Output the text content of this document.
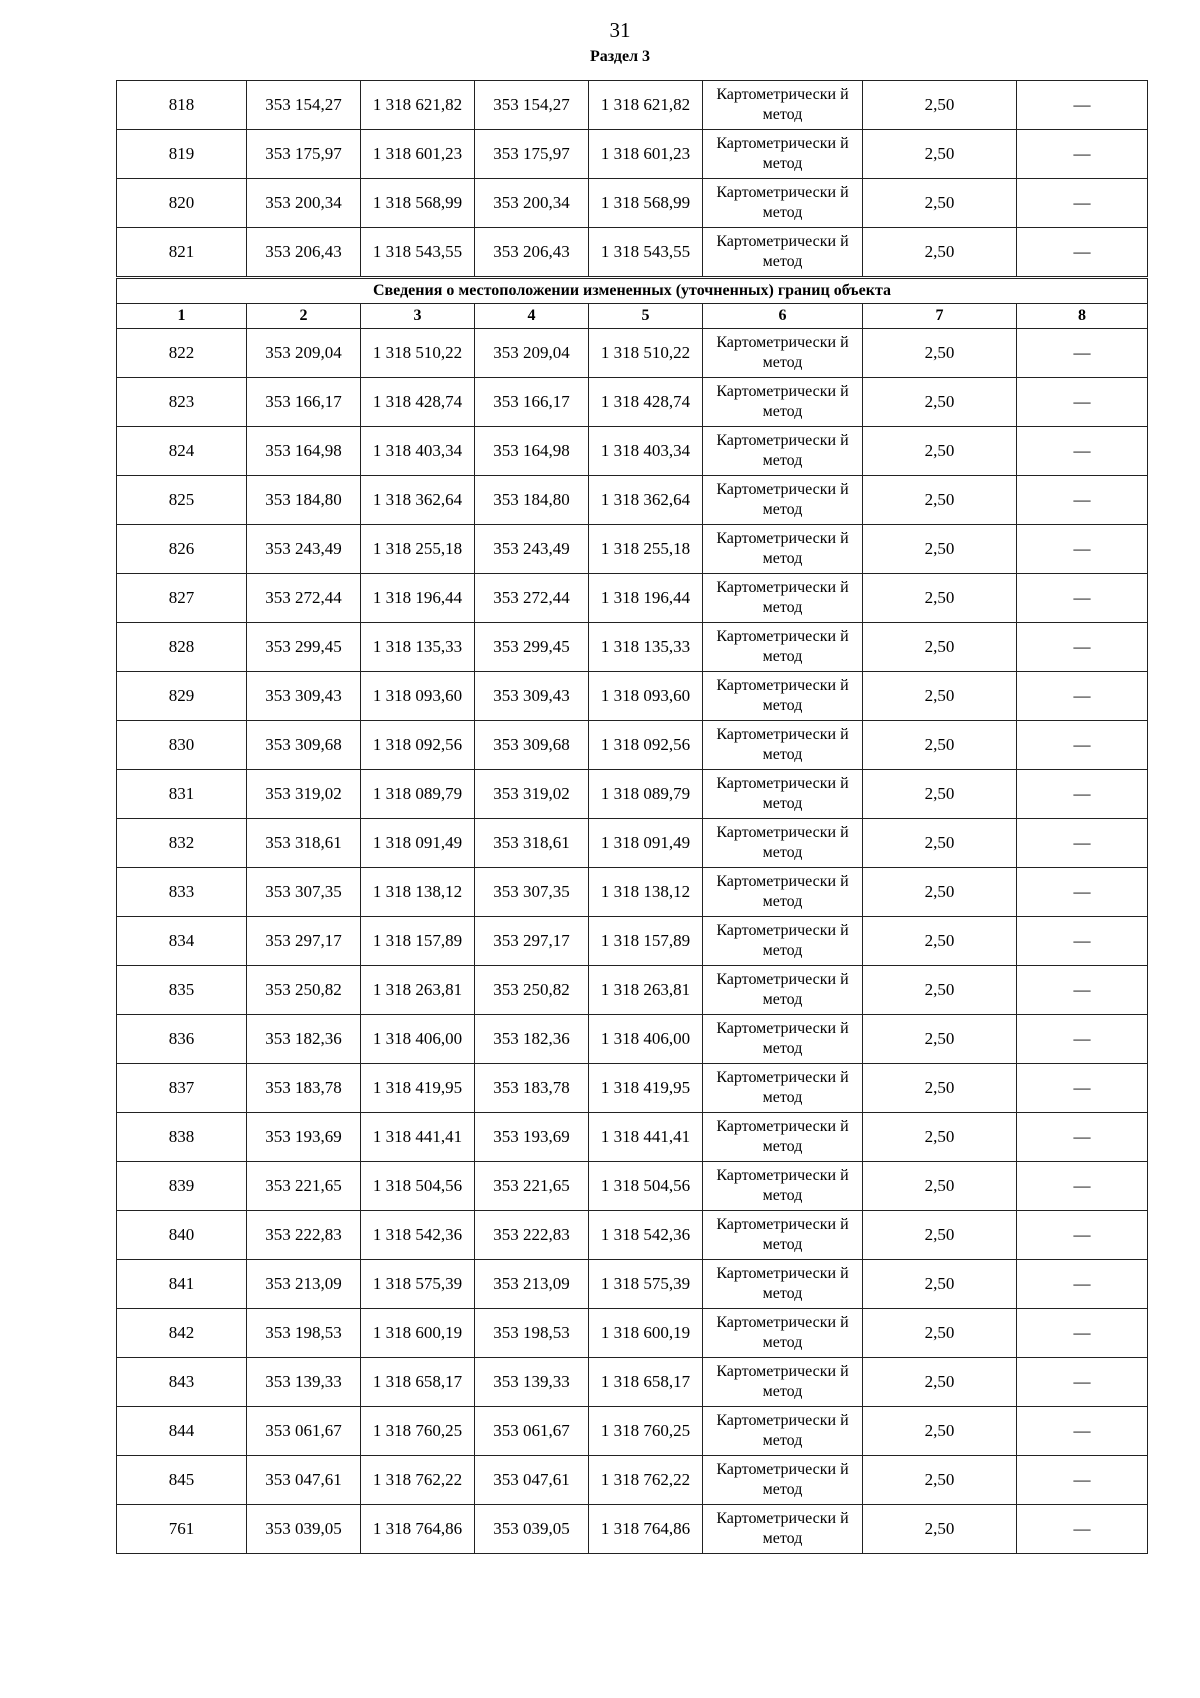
31
Раздел 3
818	353 154,27	1 318 621,82	353 154,27	1 318 621,82	Картометрически й метод	2,50	—
819	353 175,97	1 318 601,23	353 175,97	1 318 601,23	Картометрически й метод	2,50	—
820	353 200,34	1 318 568,99	353 200,34	1 318 568,99	Картометрически й метод	2,50	—
821	353 206,43	1 318 543,55	353 206,43	1 318 543,55	Картометрически й метод	2,50	—
Сведения о местоположении измененных (уточненных) границ объекта							
1	2	3	4	5	6	7	8
822	353 209,04	1 318 510,22	353 209,04	1 318 510,22	Картометрически й метод	2,50	—
823	353 166,17	1 318 428,74	353 166,17	1 318 428,74	Картометрически й метод	2,50	—
824	353 164,98	1 318 403,34	353 164,98	1 318 403,34	Картометрически й метод	2,50	—
825	353 184,80	1 318 362,64	353 184,80	1 318 362,64	Картометрически й метод	2,50	—
826	353 243,49	1 318 255,18	353 243,49	1 318 255,18	Картометрически й метод	2,50	—
827	353 272,44	1 318 196,44	353 272,44	1 318 196,44	Картометрически й метод	2,50	—
828	353 299,45	1 318 135,33	353 299,45	1 318 135,33	Картометрически й метод	2,50	—
829	353 309,43	1 318 093,60	353 309,43	1 318 093,60	Картометрически й метод	2,50	—
830	353 309,68	1 318 092,56	353 309,68	1 318 092,56	Картометрически й метод	2,50	—
831	353 319,02	1 318 089,79	353 319,02	1 318 089,79	Картометрически й метод	2,50	—
832	353 318,61	1 318 091,49	353 318,61	1 318 091,49	Картометрически й метод	2,50	—
833	353 307,35	1 318 138,12	353 307,35	1 318 138,12	Картометрически й метод	2,50	—
834	353 297,17	1 318 157,89	353 297,17	1 318 157,89	Картометрически й метод	2,50	—
835	353 250,82	1 318 263,81	353 250,82	1 318 263,81	Картометрически й метод	2,50	—
836	353 182,36	1 318 406,00	353 182,36	1 318 406,00	Картометрически й метод	2,50	—
837	353 183,78	1 318 419,95	353 183,78	1 318 419,95	Картометрически й метод	2,50	—
838	353 193,69	1 318 441,41	353 193,69	1 318 441,41	Картометрически й метод	2,50	—
839	353 221,65	1 318 504,56	353 221,65	1 318 504,56	Картометрически й метод	2,50	—
840	353 222,83	1 318 542,36	353 222,83	1 318 542,36	Картометрически й метод	2,50	—
841	353 213,09	1 318 575,39	353 213,09	1 318 575,39	Картометрически й метод	2,50	—
842	353 198,53	1 318 600,19	353 198,53	1 318 600,19	Картометрически й метод	2,50	—
843	353 139,33	1 318 658,17	353 139,33	1 318 658,17	Картометрически й метод	2,50	—
844	353 061,67	1 318 760,25	353 061,67	1 318 760,25	Картометрически й метод	2,50	—
845	353 047,61	1 318 762,22	353 047,61	1 318 762,22	Картометрически й метод	2,50	—
761	353 039,05	1 318 764,86	353 039,05	1 318 764,86	Картометрически й метод	2,50	—
